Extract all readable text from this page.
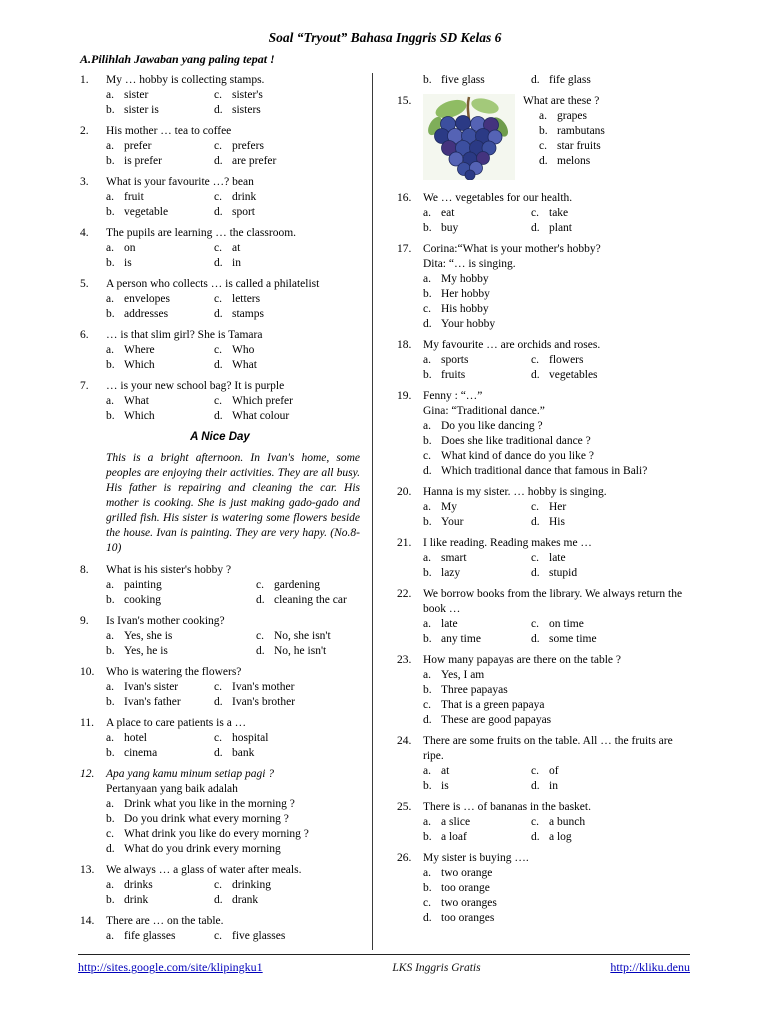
Soal “Tryout” Bahasa Inggris SD Kelas 6
A.Pilihlah Jawaban yang paling tepat !
1.	My … hobby is collecting stamps.
a. sister	c. sister's
b. sister is	d. sisters
2.	His mother … tea to coffee
a. prefer	c. prefers
b. is prefer	d. are prefer
3.	What is your favourite …? bean
a. fruit	c. drink
b. vegetable	d. sport
4.	The pupils are learning … the classroom.
a. on	c. at
b. is	d. in
5.	A person who collects … is called a philatelist
a. envelopes	c. letters
b. addresses	d. stamps
6.	… is that slim girl? She is Tamara
a. Where	c. Who
b. Which	d. What
7.	… is your new school bag? It is purple
a. What	c. Which prefer
b. Which	d. What colour
A Nice Day
This is a bright afternoon. In Ivan's home, some peoples are enjoying their activities. They are all busy. His father is repairing and cleaning the car. His mother is cooking. She is just making gado-gado and grilled fish. His sister is watering some flowers beside the house. Ivan is painting. They are very hapy. (No.8-10)
8.	What is his sister's hobby ?
a. painting	c. gardening
b. cooking	d. cleaning the car
9.	Is Ivan's mother cooking?
a. Yes, she is	c. No, she isn't
b. Yes, he is	d. No, he isn't
10.	Who is watering the flowers?
a. Ivan's sister	c. Ivan's mother
b. Ivan's father	d. Ivan's brother
11.	A place to care patients is a …
a. hotel	c. hospital
b. cinema	d. bank
12.	Apa yang kamu minum setiap pagi ?
Pertanyaan yang baik adalah
a. Drink what you like in the morning ?
b. Do you drink what every morning ?
c. What drink you like do every morning ?
d. What do you drink every morning
13.	We always … a glass of water after meals.
a. drinks	c. drinking
b. drink	d. drank
14.	There are … on the table.
a. fife glasses	c. five glasses
b. five glass	d. fife glass
15.	What are these ?
a. grapes
b. rambutans
c. star fruits
d. melons
16.	We … vegetables for our health.
a. eat	c. take
b. buy	d. plant
17.	Corina:“What is your mother's hobby?
Dita: “… is singing.
a. My hobby
b. Her hobby
c. His hobby
d. Your hobby
18.	My favourite … are orchids and roses.
a. sports	c. flowers
b. fruits	d. vegetables
19.	Fenny : “…”
Gina: “Traditional dance.”
a. Do you like dancing ?
b. Does she like traditional dance ?
c. What kind of dance do you like ?
d. Which traditional dance that famous in Bali?
20.	Hanna is my sister. … hobby is singing.
a. My	c. Her
b. Your	d. His
21.	I like reading. Reading makes me …
a. smart	c. late
b. lazy	d. stupid
22.	We borrow books from the library. We always return the book …
a. late	c. on time
b. any time	d. some time
23.	How many papayas are there on the table ?
a. Yes, I am
b. Three papayas
c. That is a green papaya
d. These are good papayas
24.	There are some fruits on the table. All … the fruits are ripe.
a. at	c. of
b. is	d. in
25.	There is … of bananas in the basket.
a. a slice	c. a bunch
b. a loaf	d. a log
26.	My sister is buying ….
a. two orange
b. too orange
c. two oranges
d. too oranges
http://sites.google.com/site/klipingku1	LKS Inggris Gratis	http://kliku.denu
